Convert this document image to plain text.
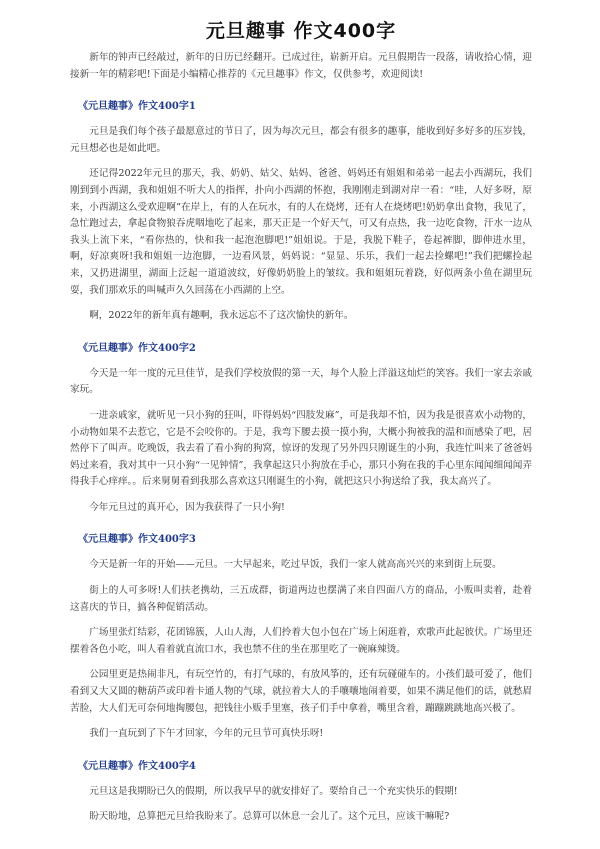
元旦趣事 作文400字

新年的钟声已经敲过，新年的日历已经翻开。已成过往，崭新开启。元旦假期告一段落，请收拾心情，迎接新一年的精彩吧!下面是小编精心推荐的《元旦趣事》作文，仅供参考，欢迎阅读!

《元旦趣事》作文400字1

元旦是我们每个孩子最愿意过的节日了，因为每次元旦，都会有很多的趣事，能收到好多好多的压岁钱，元旦想必也是如此吧。

还记得2022年元旦的那天，我、奶奶、姑父、姑妈、爸爸、妈妈还有姐姐和弟弟一起去小西湖玩，我们刚到到小西湖，我和姐姐不听大人的指挥，扑向小西湖的怀抱，我刚刚走到湖对岸一看：“哇，人好多呀，原来，小西湖这么受欢迎啊”在岸上，有的人在玩水，有的人在烧烤，还有人在烧烤吧!奶奶拿出食物，我见了，急忙跑过去，拿起食物狼吞虎咽地吃了起来，那天正是一个好天气，可又有点热，我一边吃食物，汗水一边从我头上流下来，“看你热的，快和我一起泡泡脚吧!”姐姐说。于是，我脱下鞋子，卷起裤脚，脚伸进水里，啊，好凉爽呀!我和姐姐一边泡脚，一边看风景，妈妈说：“显显、乐乐，我们一起去捡螺吧!”我们把螺捡起来，又扔进湖里，湖面上泛起一道道波纹，好像奶奶脸上的皱纹。我和姐姐玩着跷，好似两条小鱼在湖里玩耍，我们那欢乐的叫喊声久久回荡在小西湖的上空。

啊，2022年的新年真有趣啊，我永远忘不了这次愉快的新年。

《元旦趣事》作文400字2

今天是一年一度的元旦佳节，是我们学校放假的第一天，每个人脸上洋溢这灿烂的笑容。我们一家去亲戚家玩。

一进亲戚家，就听见一只小狗的狂叫，吓得妈妈“四肢发麻”，可是我却不怕，因为我是很喜欢小动物的，小动物如果不去惹它，它是不会咬你的。于是，我弯下腰去摸一摸小狗，大概小狗被我的温和而感染了吧，居然停下了叫声。吃晚饭，我去看了看小狗的狗窝，惊讶的发现了另外四只刚诞生的小狗，我连忙叫来了爸爸妈妈过来看，我对其中一只小狗“一见钟情”，我拿起这只小狗放在手心，那只小狗在我的手心里东闻闻细闻闻弄得我手心痒痒。。后来舅舅看到我那么喜欢这只刚诞生的小狗，就把这只小狗送给了我，我太高兴了。

今年元旦过的真开心，因为我获得了一只小狗!

《元旦趣事》作文400字3

今天是新一年的开始——元旦。一大早起来，吃过早饭，我们一家人就高高兴兴的来到街上玩耍。

街上的人可多呀!人们扶老携幼，三五成群，街道两边也摆满了来自四面八方的商品，小贩叫卖着，赴着这喜庆的节日，搞各种促销活动。

广场里张灯结彩，花团锦簇，人山人海，人们拎着大包小包在广场上闲逛着，欢歌声此起彼伏。广场里还摆着各色小吃，叫人看着就直流口水，我也禁不住的坐在那里吃了一碗麻辣烫。

公园里更是热闹非凡，有玩空竹的，有打气球的，有放风筝的，还有玩碰碰车的。小孩们最可爱了，他们看到又大又圆的糖葫芦或印着卡通人物的气球，就拉着大人的手嚷嚷地闹着要，如果不满足他们的话，就愁眉苦脸，大人们无可奈何地掏腰包，把钱往小贩手里塞，孩子们手中拿着，嘴里含着，蹦蹦跳跳地高兴极了。

我们一直玩到了下午才回家，今年的元旦节可真快乐呀!

《元旦趣事》作文400字4

元旦这是我期盼已久的假期，所以我早早的就安排好了。要给自己一个充实快乐的假期!

盼天盼地，总算把元旦给我盼来了。总算可以休息一会儿了。这个元旦，应该干嘛呢?
